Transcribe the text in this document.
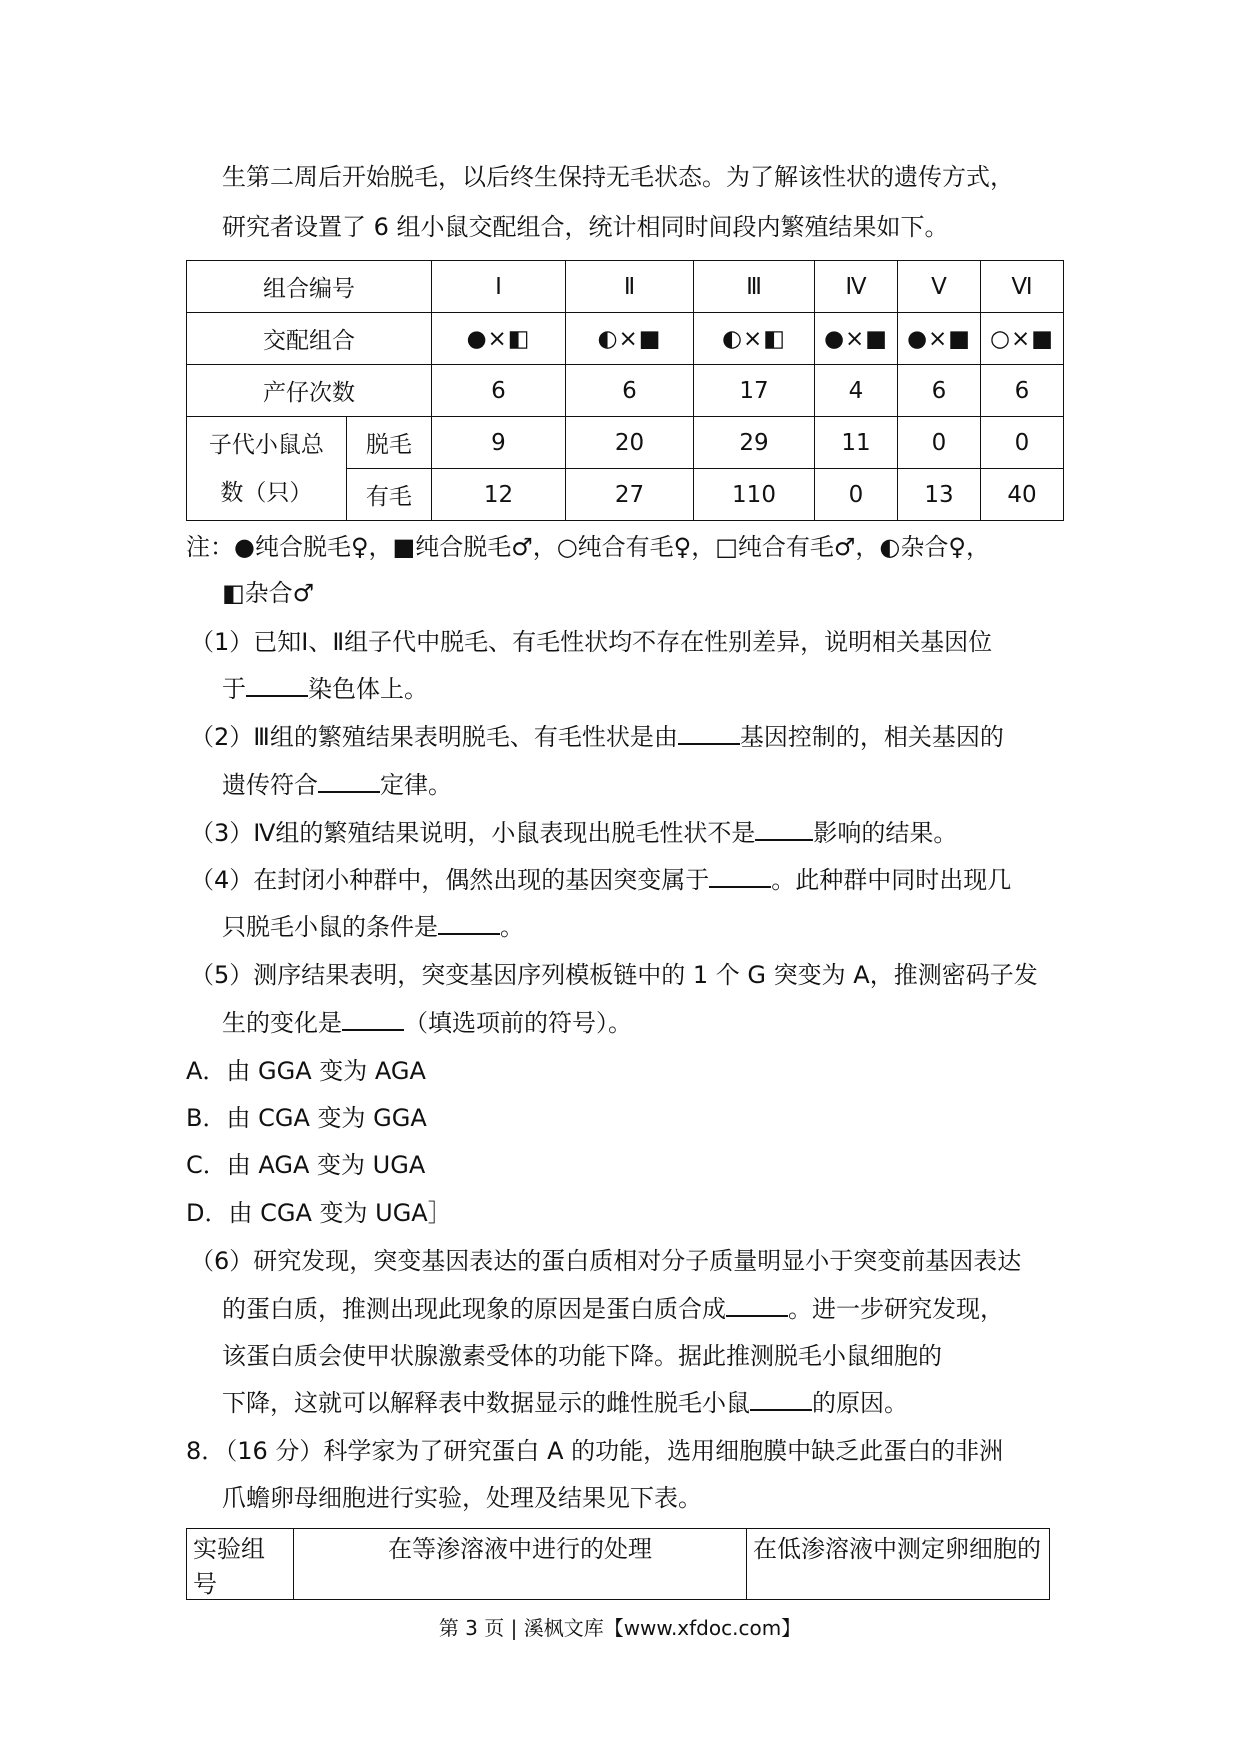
生第二周后开始脱毛，以后终生保持无毛状态。为了解该性状的遗传方式，
研究者设置了 6 组小鼠交配组合，统计相同时间段内繁殖结果如下。
组合编号		Ⅰ	Ⅱ	Ⅲ	Ⅳ	Ⅴ	Ⅵ
交配组合		●×◧	◐×■	◐×◧	●×■	●×■	○×■
产仔次数		6	6	17	4	6	6

子代小鼠总
数（只）	脱毛	9	20	29	11	0	0
	有毛	12	27	110	0	13	40
注：●纯合脱毛♀，■纯合脱毛♂，○纯合有毛♀，□纯合有毛♂，◐杂合♀，
◧杂合♂
（1）已知Ⅰ、Ⅱ组子代中脱毛、有毛性状均不存在性别差异，说明相关基因位
于	染色体上。
（2）Ⅲ组的繁殖结果表明脱毛、有毛性状是由	基因控制的，相关基因的
遗传符合	定律。
（3）Ⅳ组的繁殖结果说明，小鼠表现出脱毛性状不是 影响的结果。
（4）在封闭小种群中，偶然出现的基因突变属于	。此种群中同时出现几
只脱毛小鼠的条件是	。
（5）测序结果表明，突变基因序列模板链中的 1 个 G 突变为 A，推测密码子发
生的变化是	（填选项前的符号）。
A．由 GGA 变为 AGA
B．由 CGA 变为 GGA
C．由 AGA 变为 UGA
D．由 CGA 变为 UGA］
（6）研究发现，突变基因表达的蛋白质相对分子质量明显小于突变前基因表达
的蛋白质，推测出现此现象的原因是蛋白质合成	。进一步研究发现，
该蛋白质会使甲状腺激素受体的功能下降。据此推测脱毛小鼠细胞的
下降，这就可以解释表中数据显示的雌性脱毛小鼠	的原因。
8．（16 分）科学家为了研究蛋白 A 的功能，选用细胞膜中缺乏此蛋白的非洲
爪蟾卵母细胞进行实验，处理及结果见下表。
实验组号	在等渗溶液中进行的处理	在低渗溶液中测定卵细胞的
第 3 页 | 溪枫文库【www.xfdoc.com】
